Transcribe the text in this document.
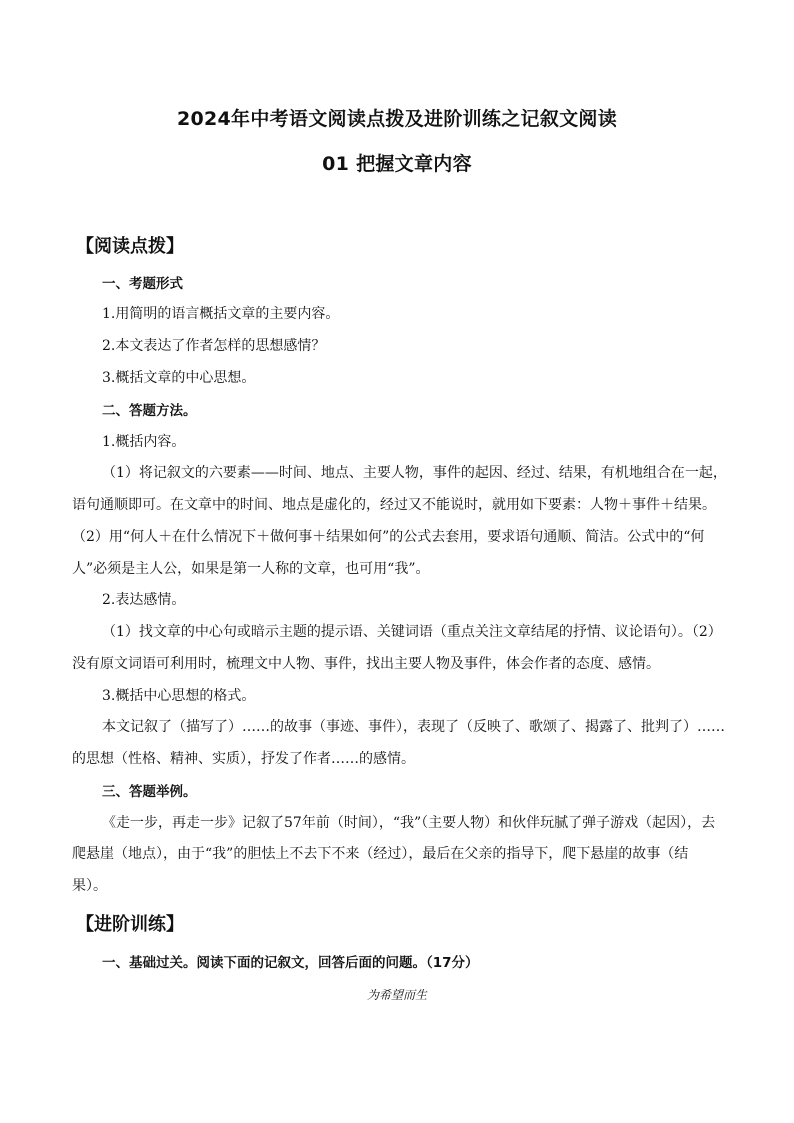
2024年中考语文阅读点拨及进阶训练之记叙文阅读
01 把握文章内容
【阅读点拨】
一、考题形式
1.用简明的语言概括文章的主要内容。
2.本文表达了作者怎样的思想感情？
3.概括文章的中心思想。
二、答题方法。
1.概括内容。
（1）将记叙文的六要素——时间、地点、主要人物，事件的起因、经过、结果，有机地组合在一起，
语句通顺即可。在文章中的时间、地点是虚化的，经过又不能说时，就用如下要素：人物＋事件＋结果。
（2）用“何人＋在什么情况下＋做何事＋结果如何”的公式去套用，要求语句通顺、简洁。公式中的“何
人”必须是主人公，如果是第一人称的文章，也可用“我”。
2.表达感情。
（1）找文章的中心句或暗示主题的提示语、关键词语（重点关注文章结尾的抒情、议论语句）。（2）
没有原文词语可利用时，梳理文中人物、事件，找出主要人物及事件，体会作者的态度、感情。
3.概括中心思想的格式。
本文记叙了（描写了）……的故事（事迹、事件），表现了（反映了、歌颂了、揭露了、批判了）……
的思想（性格、精神、实质），抒发了作者……的感情。
三、答题举例。
《走一步，再走一步》记叙了57年前（时间），“我”（主要人物）和伙伴玩腻了弹子游戏（起因），去
爬悬崖（地点），由于“我”的胆怯上不去下不来（经过），最后在父亲的指导下，爬下悬崖的故事（结
果）。
【进阶训练】
一、基础过关。阅读下面的记叙文，回答后面的问题。（17分）
为希望而生
